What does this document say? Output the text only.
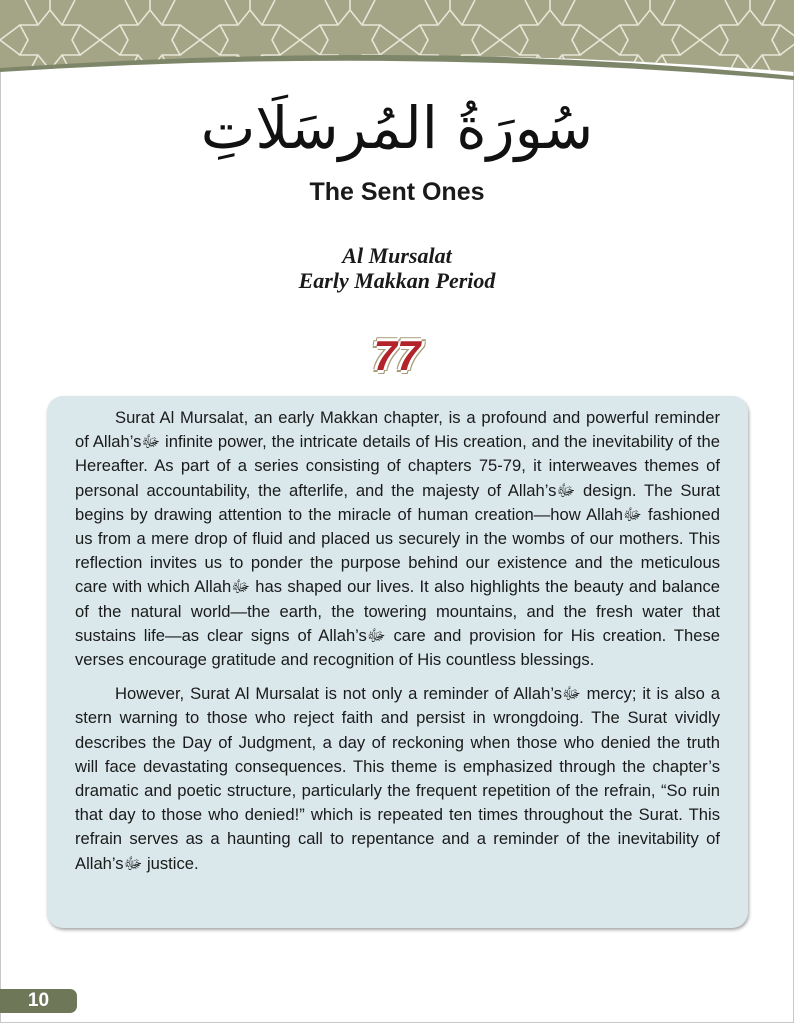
سُورَةُ المُرسَلَاتِ
The Sent Ones
Al Mursalat
Early Makkan Period
77

Surat Al Mursalat, an early Makkan chapter, is a profound and powerful reminder of Allah’sﷻ infinite power, the intricate details of His creation, and the inevitability of the Hereafter. As part of a series consisting of chapters 75-79, it interweaves themes of personal accountability, the afterlife, and the majesty of Allah’sﷻ design. The Surat begins by drawing attention to the miracle of human creation—how Allahﷻ fashioned us from a mere drop of fluid and placed us securely in the wombs of our mothers. This reflection invites us to ponder the purpose behind our existence and the meticulous care with which Allahﷻ has shaped our lives. It also highlights the beauty and balance of the natural world—the earth, the towering mountains, and the fresh water that sustains life—as clear signs of Allah’sﷻ care and provision for His creation. These verses encourage gratitude and recognition of His countless blessings.

However, Surat Al Mursalat is not only a reminder of Allah’sﷻ mercy; it is also a stern warning to those who reject faith and persist in wrongdoing. The Surat vividly describes the Day of Judgment, a day of reckoning when those who denied the truth will face devastating consequences. This theme is emphasized through the chapter’s dramatic and poetic structure, particularly the frequent repetition of the refrain, “So ruin that day to those who denied!” which is repeated ten times throughout the Surat. This refrain serves as a haunting call to repentance and a reminder of the inevitability of Allah’sﷻ justice.

10
